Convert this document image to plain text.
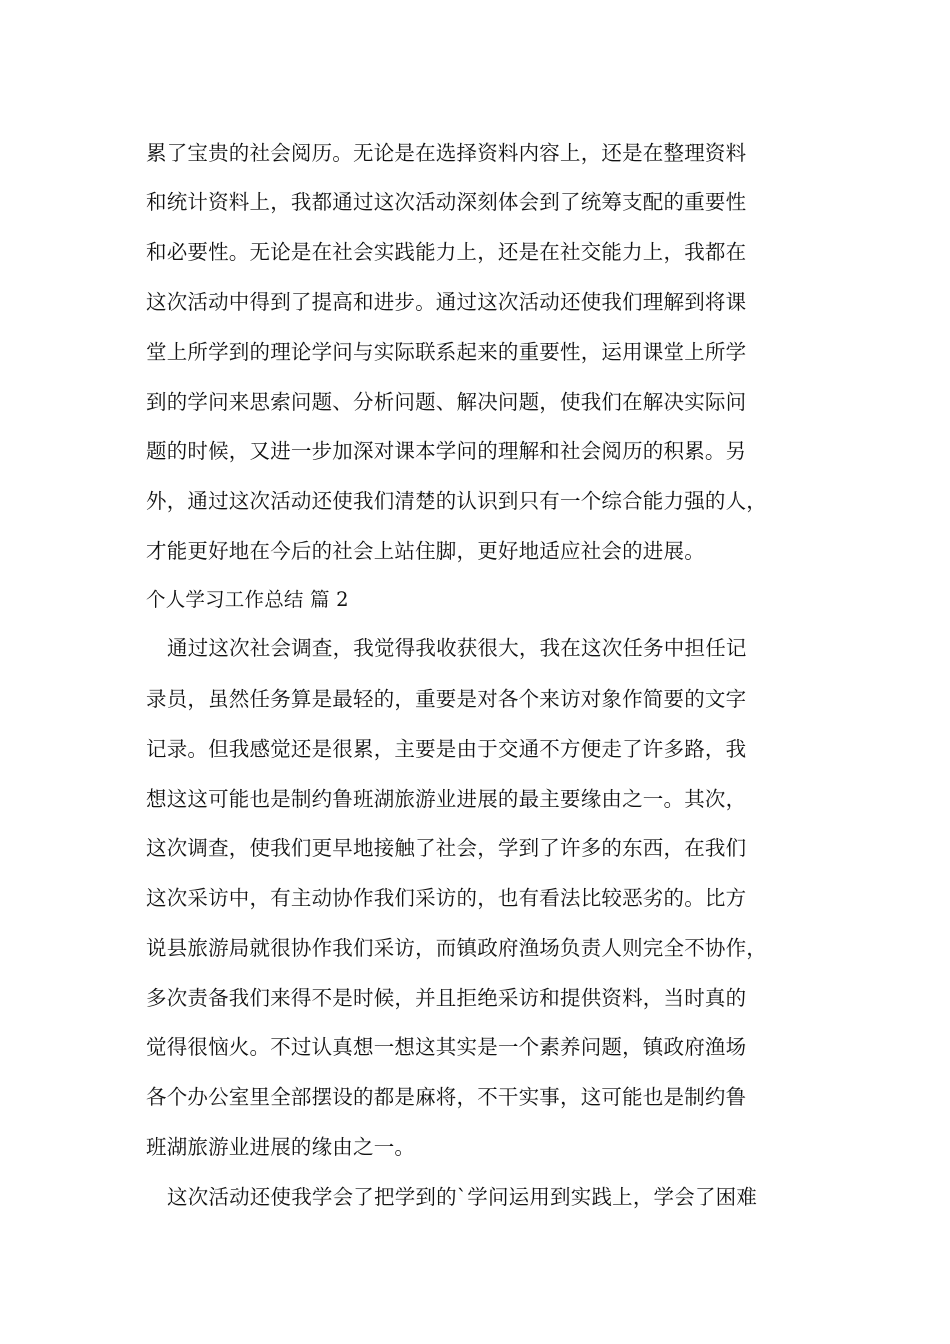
累了宝贵的社会阅历。无论是在选择资料内容上，还是在整理资料
和统计资料上，我都通过这次活动深刻体会到了统筹支配的重要性
和必要性。无论是在社会实践能力上，还是在社交能力上，我都在
这次活动中得到了提高和进步。通过这次活动还使我们理解到将课
堂上所学到的理论学问与实际联系起来的重要性，运用课堂上所学
到的学问来思索问题、分析问题、解决问题，使我们在解决实际问
题的时候，又进一步加深对课本学问的理解和社会阅历的积累。另
外，通过这次活动还使我们清楚的认识到只有一个综合能力强的人，
才能更好地在今后的社会上站住脚，更好地适应社会的进展。
个人学习工作总结 篇 2
通过这次社会调查，我觉得我收获很大，我在这次任务中担任记
录员，虽然任务算是最轻的，重要是对各个来访对象作简要的文字
记录。但我感觉还是很累，主要是由于交通不方便走了许多路，我
想这这可能也是制约鲁班湖旅游业进展的最主要缘由之一。其次，
这次调查，使我们更早地接触了社会，学到了许多的东西，在我们
这次采访中，有主动协作我们采访的，也有看法比较恶劣的。比方
说县旅游局就很协作我们采访，而镇政府渔场负责人则完全不协作，
多次责备我们来得不是时候，并且拒绝采访和提供资料，当时真的
觉得很恼火。不过认真想一想这其实是一个素养问题，镇政府渔场
各个办公室里全部摆设的都是麻将，不干实事，这可能也是制约鲁
班湖旅游业进展的缘由之一。
这次活动还使我学会了把学到的`学问运用到实践上，学会了困难
